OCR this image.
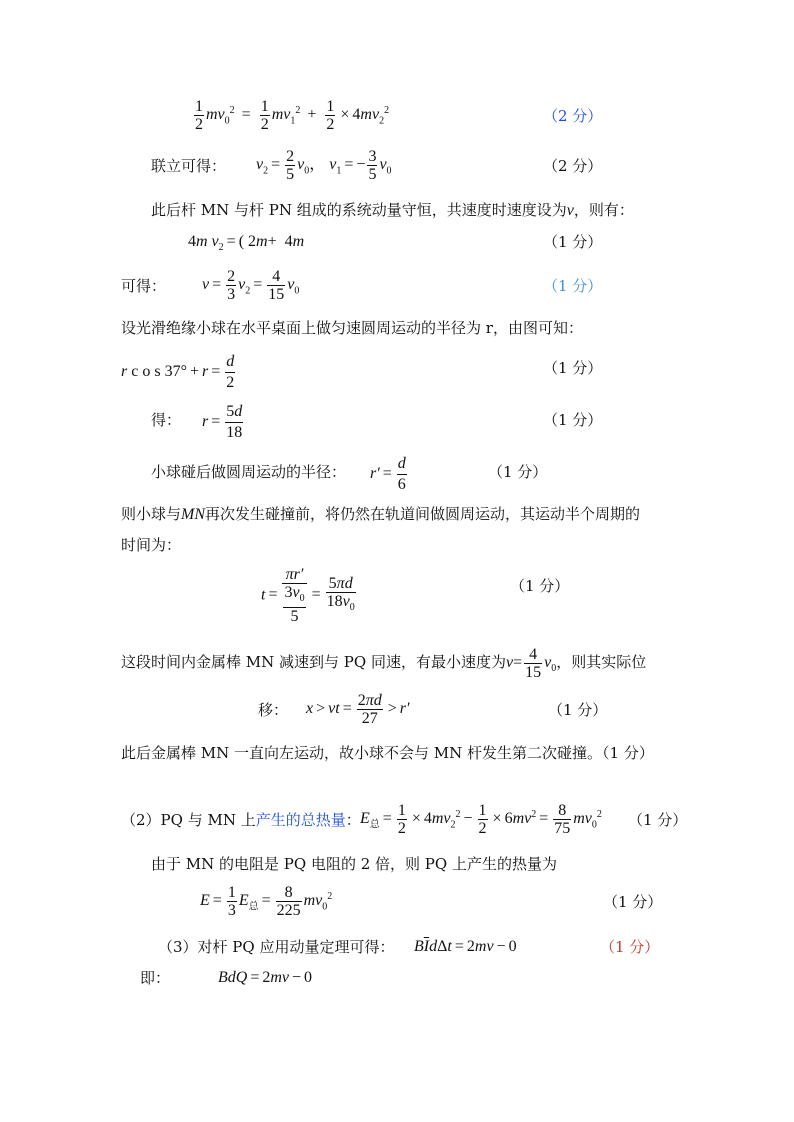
$\frac{1}{2} mv_0^2 = \frac{1}{2} mv_1^2 + \frac{1}{2} \times 4mv_2^2$	（2 分）
联立可得： $v_2 = \frac{2}{5} v_0$， $v_1$ = − $\frac{3}{5} v_0$	（2 分）
此后杆 MN 与杆 PN 组成的系统动量守恒，共速度时速度设为v，则有：
4m $v_2$ = ( 2m+  4m	（1 分）
可得： $v = \frac{2}{3} v_2 = \frac{4}{15} v_0$	（1 分）
设光滑绝缘小球在水平桌面上做匀速圆周运动的半径为 r，由图可知：
r c o s $37^\circ + r = \frac{d}{2}$	（1 分）
得： $r = \frac{5d}{18}$	（1 分）
小球碰后做圆周运动的半径： $r' = \frac{d}{6}$	（1 分）
则小球与MN再次发生碰撞前，将仍然在轨道间做圆周运动，其运动半个周期的
时间为：
$t = \frac{\pi r'}{\frac{3v_0}{5}} = \frac{5\pi d}{18v_0}$	（1 分）
这段时间内金属棒 MN 减速到与 PQ 同速，有最小速度为$v= \frac{4}{15} v_0$，则其实际位
移： x > vt = $\frac{2\pi d}{27} > r'$	（1 分）
此后金属棒 MN 一直向左运动，故小球不会与 MN 杆发生第二次碰撞。（1 分）
（2）PQ 与 MN 上产生的总热量： $E_总 = \frac{1}{2} \times 4mv_2^2 - \frac{1}{2} \times 6mv^2 = \frac{8}{75} mv_0^2$ （1 分）
由于 MN 的电阻是 PQ 电阻的 2 倍，则 PQ 上产生的热量为
$E = \frac{1}{3} E_总 = \frac{8}{225} mv_0^2$	（1 分）
（3）对杆 PQ 应用动量定理可得： $B\overline{I}d\Delta t = 2mv - 0$	（1 分）
即：	BdQ = 2mv − 0
